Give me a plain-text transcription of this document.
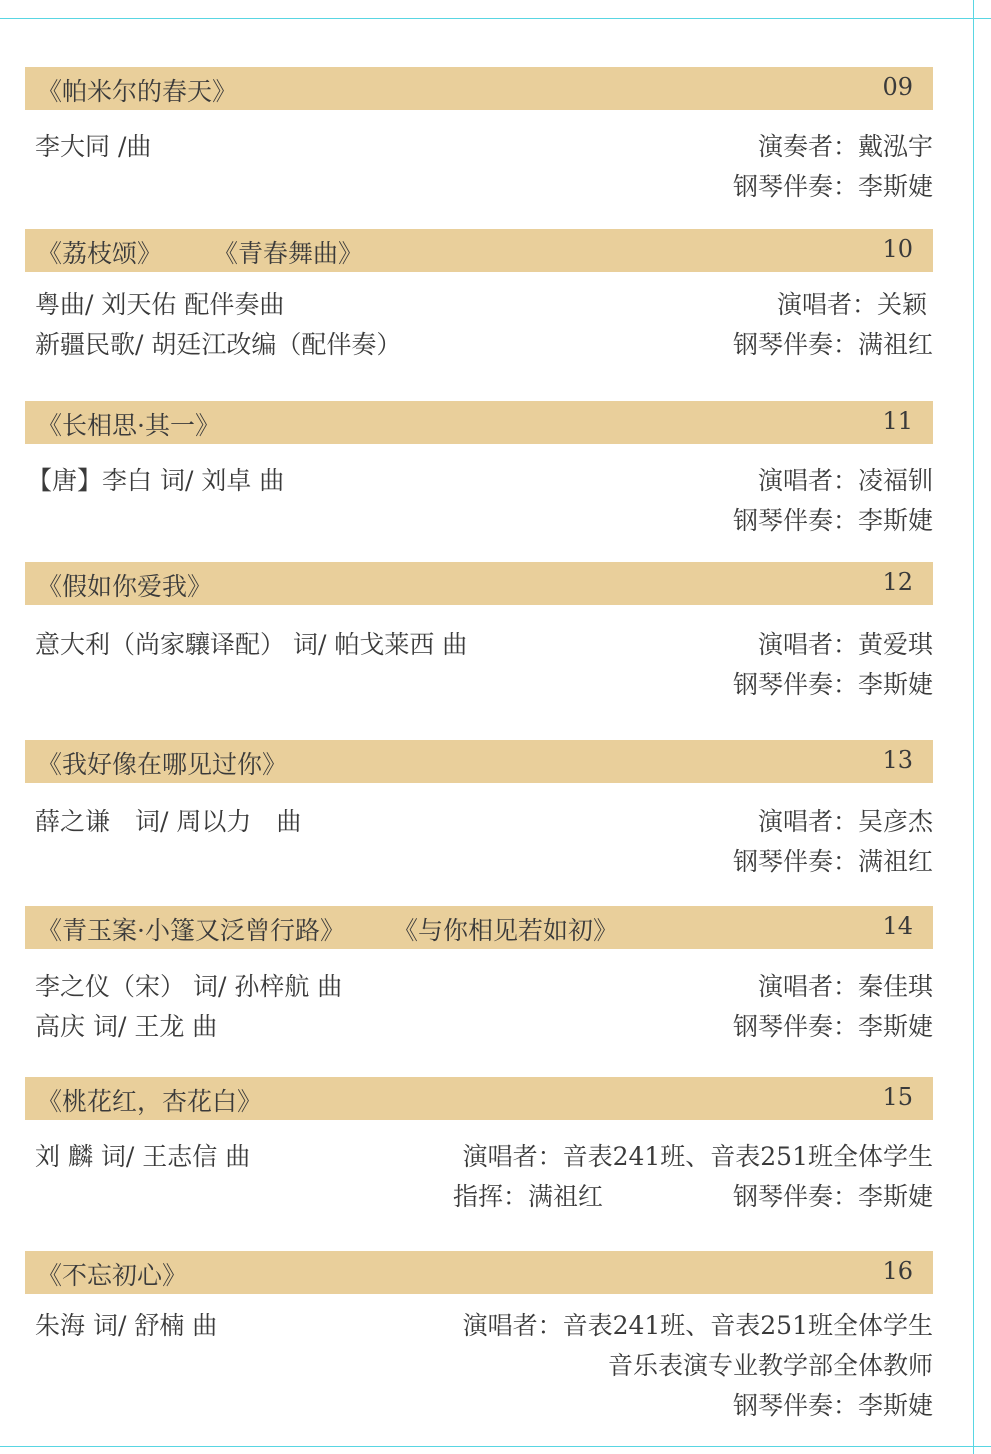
《帕米尔的春天》	09
李大同 /曲	演奏者：戴泓宇
钢琴伴奏：李斯婕
《荔枝颂》 《青春舞曲》	10
粤曲/ 刘天佑 配伴奏曲
新疆民歌/ 胡廷江改编（配伴奏）
演唱者：关颖
钢琴伴奏：满祖红
《长相思·其一》	11
【唐】李白 词/ 刘卓 曲	演唱者：凌福钏
钢琴伴奏：李斯婕
《假如你爱我》	12
意大利（尚家驤译配） 词/ 帕戈莱西 曲	演唱者：黄爱琪
钢琴伴奏：李斯婕
《我好像在哪见过你》	13
薛之谦　词/ 周以力　曲	演唱者：吴彦杰
钢琴伴奏：满祖红
《青玉案·小篷又泛曾行路》 《与你相见若如初》	14
李之仪（宋） 词/ 孙梓航 曲
高庆 词/ 王龙 曲
演唱者：秦佳琪
钢琴伴奏：李斯婕
《桃花红，杏花白》	15
刘 麟 词/ 王志信 曲	演唱者：音表241班、音表251班全体学生
指挥：满祖红	钢琴伴奏：李斯婕
《不忘初心》	16
朱海 词/ 舒楠 曲	演唱者：音表241班、音表251班全体学生
音乐表演专业教学部全体教师
钢琴伴奏：李斯婕
